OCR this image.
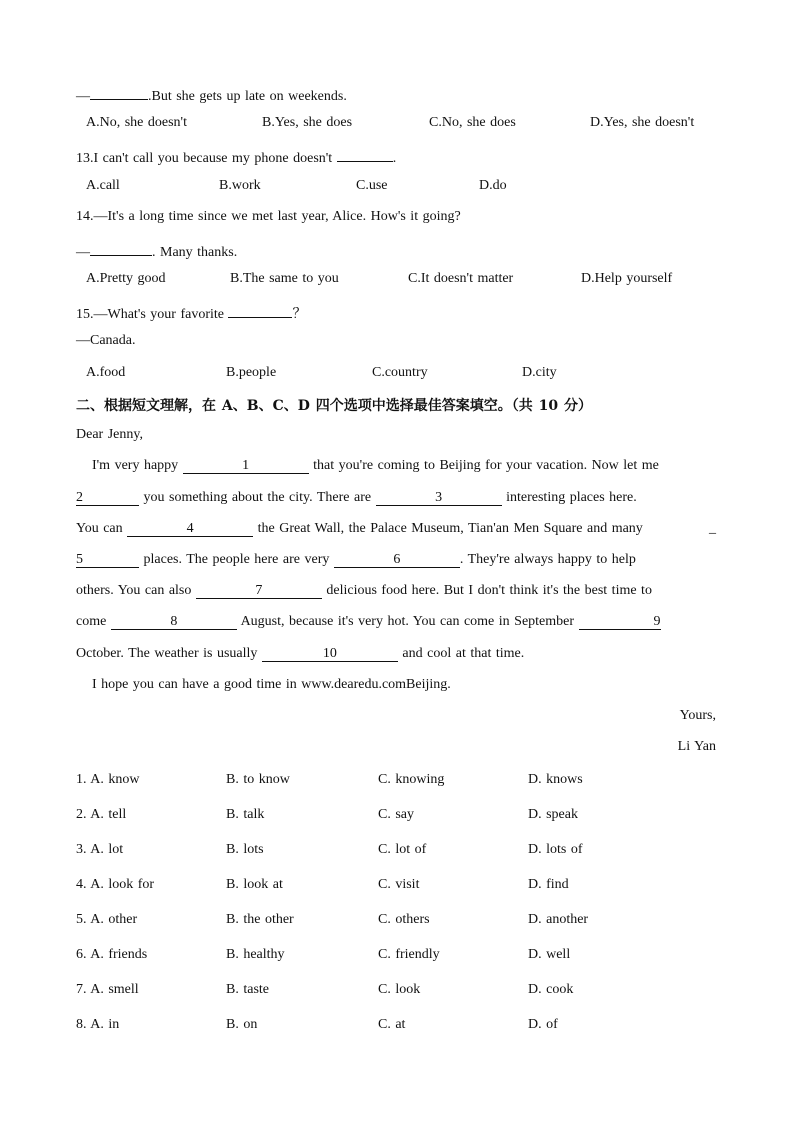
—	.But she gets up late on weekends.
A.No, she doesn't	B.Yes, she does	C.No, she does	D.Yes, she doesn't
13.I can't call you because my phone doesn't	.
A.call	B.work	C.use	D.do
14.—It's a long time since we met last year, Alice. How's it going?
—	. Many thanks.
A.Pretty good	B.The same to you	C.It doesn't matter	D.Help yourself
15.—What's your favorite	？
—Canada.
A.food	B.people	C.country	D.city
二、根据短文理解，在 A、B、C、D 四个选项中选择最佳答案填空。（共 10 分）
Dear Jenny,
I'm very happy	1	that you're coming to Beijing for your vacation. Now let me
2	you something about the city. There are	3	interesting places here.
You can	4	the Great Wall, the Palace Museum, Tian'an Men Square and many	_
5	places. The people here are very	6	. They're always happy to help
others. You can also	7	delicious food here. But I don't think it's the best time to
come	8	August, because it's very hot. You can come in September	9
October. The weather is usually	10	and cool at that time.
I hope you can have a good time in www.dearedu.comBeijing.
Yours,
Li Yan
1. A. know	B. to know	C. knowing	D. knows
2. A. tell	B. talk	C. say	D. speak
3. A. lot	B. lots	C. lot of	D. lots of
4. A. look for	B. look at	C. visit	D. find
5. A. other	B. the other	C. others	D. another
6. A. friends	B. healthy	C. friendly	D. well
7. A. smell	B. taste	C. look	D. cook
8. A. in	B. on	C. at	D. of
